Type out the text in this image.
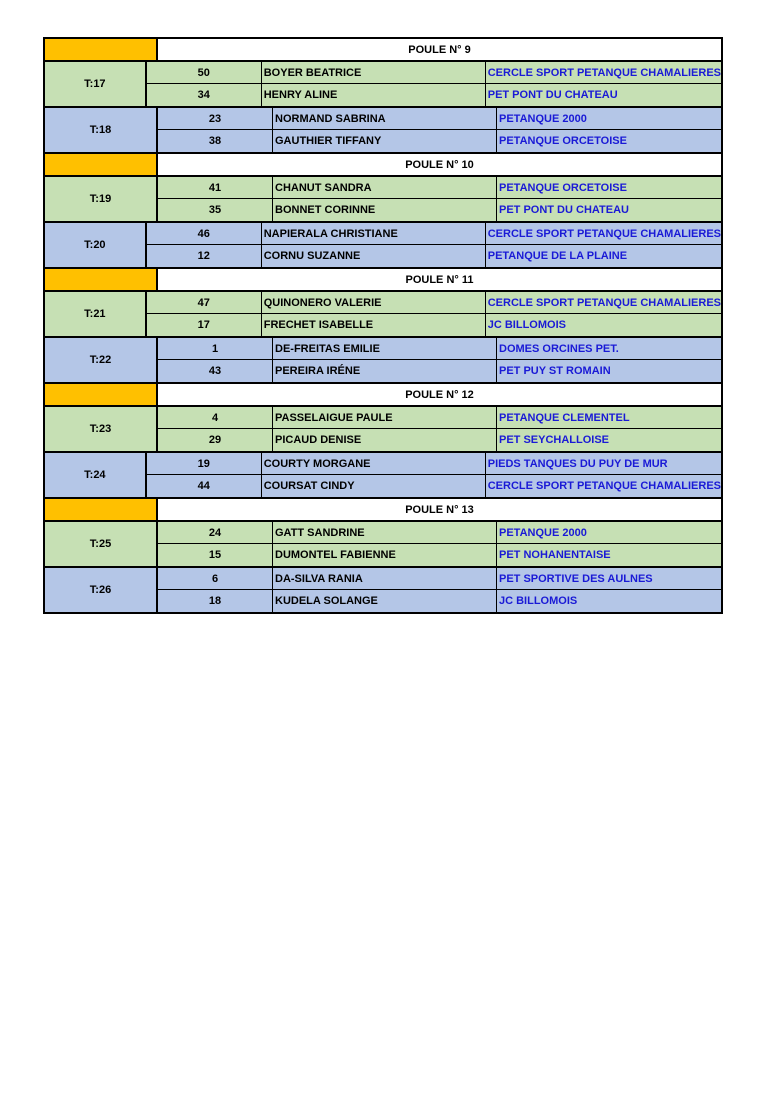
POULE N° 9
T:17
50	BOYER BEATRICE	CERCLE SPORT PETANQUE CHAMALIERES
34	HENRY ALINE	PET PONT DU CHATEAU
T:18
23	NORMAND SABRINA	PETANQUE 2000
38	GAUTHIER TIFFANY	PETANQUE ORCETOISE
POULE N° 10
T:19
41	CHANUT SANDRA	PETANQUE ORCETOISE
35	BONNET CORINNE	PET PONT DU CHATEAU
T:20
46	NAPIERALA CHRISTIANE	CERCLE SPORT PETANQUE CHAMALIERES
12	CORNU SUZANNE	PETANQUE DE LA PLAINE
POULE N° 11
T:21
47	QUINONERO VALERIE	CERCLE SPORT PETANQUE CHAMALIERES
17	FRECHET ISABELLE	JC BILLOMOIS
T:22
1	DE-FREITAS EMILIE	DOMES ORCINES PET.
43	PEREIRA IRÉNE	PET PUY ST ROMAIN
POULE N° 12
T:23
4	PASSELAIGUE PAULE	PETANQUE CLEMENTEL
29	PICAUD DENISE	PET SEYCHALLOISE
T:24
19	COURTY MORGANE	PIEDS TANQUES DU PUY DE MUR
44	COURSAT CINDY	CERCLE SPORT PETANQUE CHAMALIERES
POULE N° 13
T:25
24	GATT SANDRINE	PETANQUE 2000
15	DUMONTEL FABIENNE	PET NOHANENTAISE
T:26
6	DA-SILVA RANIA	PET SPORTIVE DES AULNES
18	KUDELA SOLANGE	JC BILLOMOIS
